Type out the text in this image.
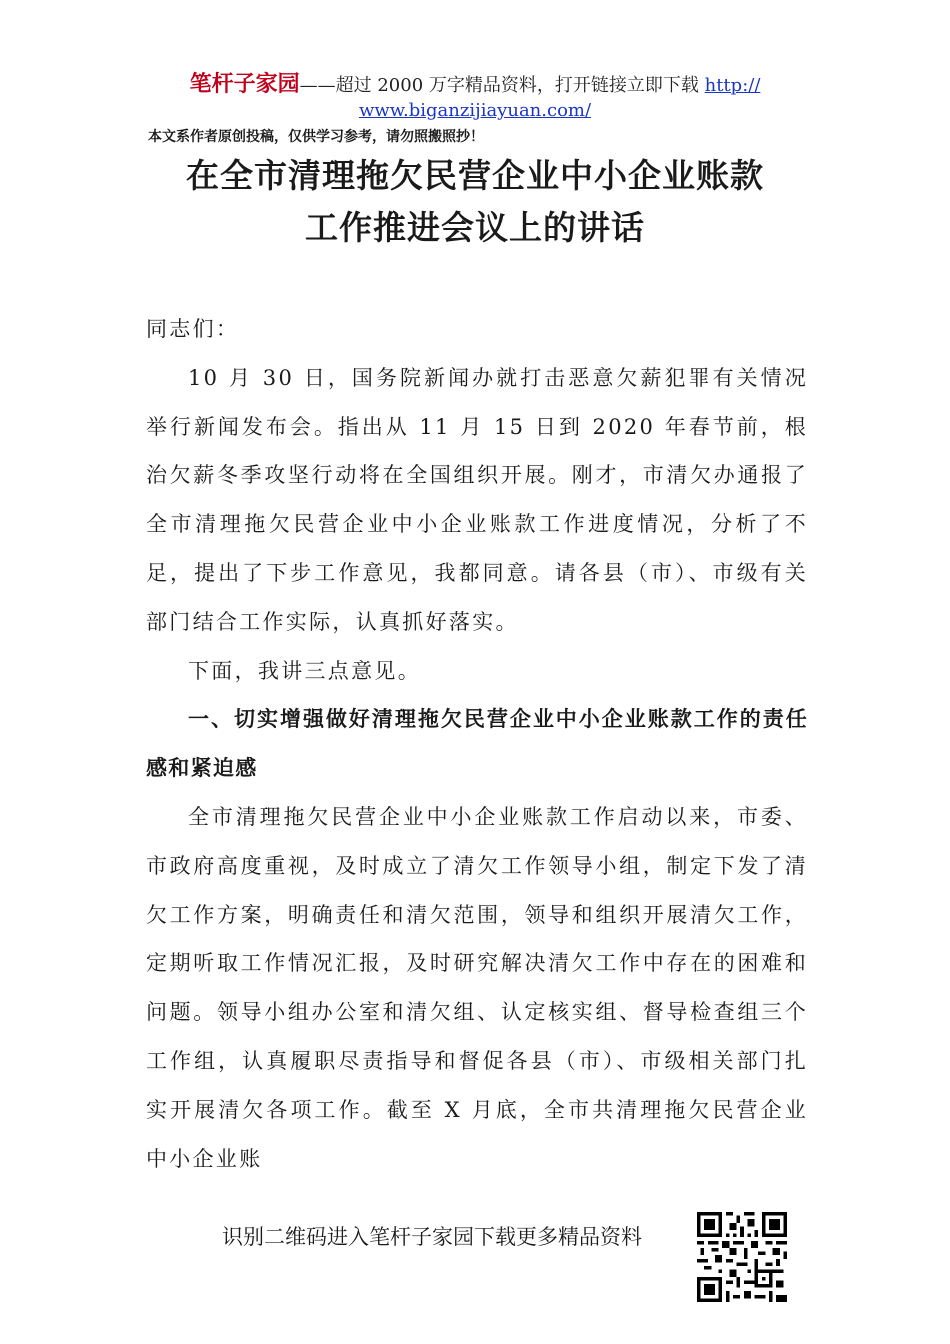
笔杆子家园——超过 2000 万字精品资料，打开链接立即下载 http://
www.biganzijiayuan.com/
本文系作者原创投稿，仅供学习参考，请勿照搬照抄！
在全市清理拖欠民营企业中小企业账款
工作推进会议上的讲话

同志们：

10 月 30 日，国务院新闻办就打击恶意欠薪犯罪有关情况举行新闻发布会。指出从 11 月 15 日到 2020 年春节前，根治欠薪冬季攻坚行动将在全国组织开展。刚才，市清欠办通报了全市清理拖欠民营企业中小企业账款工作进度情况，分析了不足，提出了下步工作意见，我都同意。请各县（市）、市级有关部门结合工作实际，认真抓好落实。

下面，我讲三点意见。

一、切实增强做好清理拖欠民营企业中小企业账款工作的责任感和紧迫感

全市清理拖欠民营企业中小企业账款工作启动以来，市委、市政府高度重视，及时成立了清欠工作领导小组，制定下发了清欠工作方案，明确责任和清欠范围，领导和组织开展清欠工作，定期听取工作情况汇报，及时研究解决清欠工作中存在的困难和问题。领导小组办公室和清欠组、认定核实组、督导检查组三个工作组，认真履职尽责指导和督促各县（市）、市级相关部门扎实开展清欠各项工作。截至 X 月底，全市共清理拖欠民营企业中小企业账

识别二维码进入笔杆子家园下载更多精品资料
